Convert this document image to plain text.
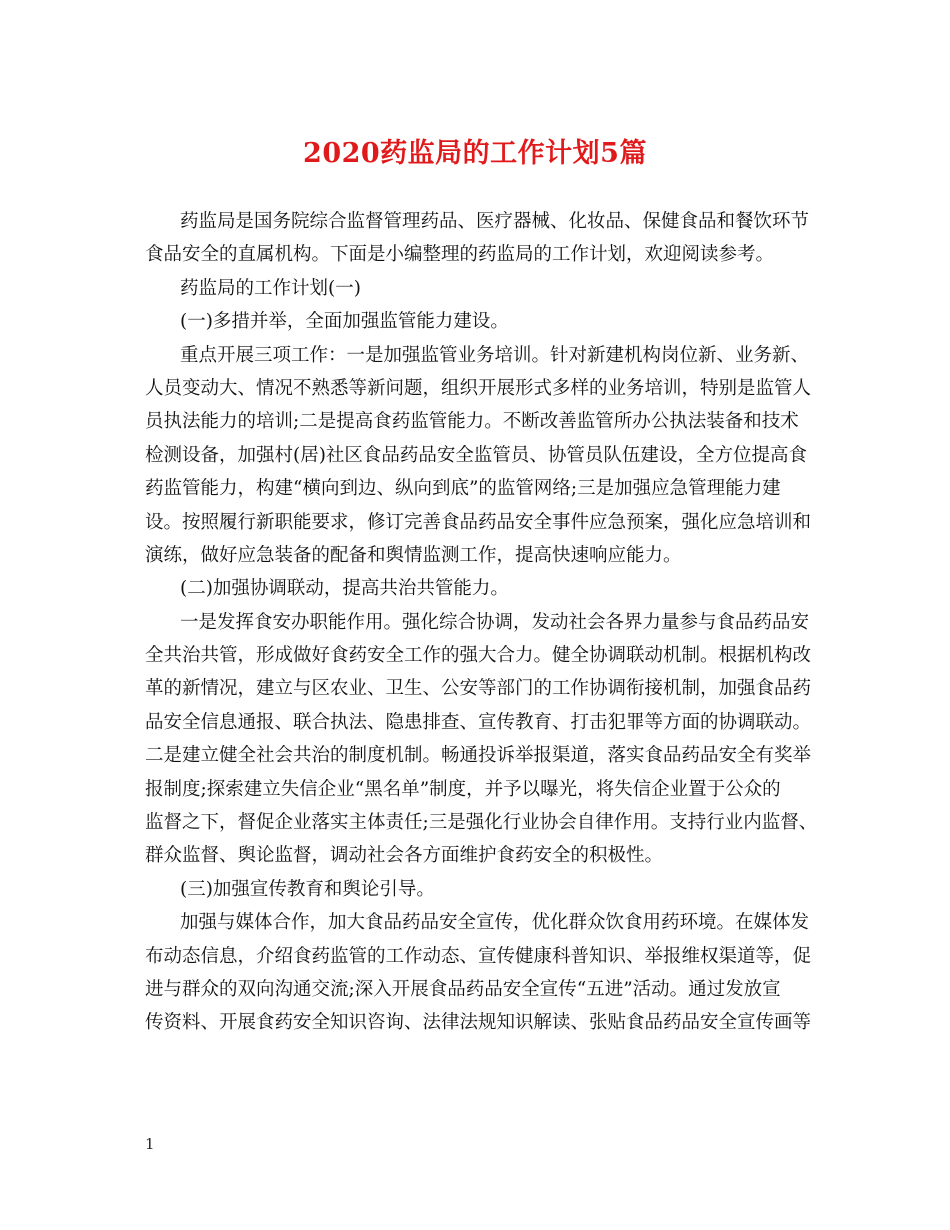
2020药监局的工作计划5篇
药监局是国务院综合监督管理药品、医疗器械、化妆品、保健食品和餐饮环节
食品安全的直属机构。下面是小编整理的药监局的工作计划，欢迎阅读参考。
药监局的工作计划(一)
(一)多措并举，全面加强监管能力建设。
重点开展三项工作：一是加强监管业务培训。针对新建机构岗位新、业务新、
人员变动大、情况不熟悉等新问题，组织开展形式多样的业务培训，特别是监管人
员执法能力的培训;二是提高食药监管能力。不断改善监管所办公执法装备和技术
检测设备，加强村(居)社区食品药品安全监管员、协管员队伍建设，全方位提高食
药监管能力，构建“横向到边、纵向到底”的监管网络;三是加强应急管理能力建
设。按照履行新职能要求，修订完善食品药品安全事件应急预案，强化应急培训和
演练，做好应急装备的配备和舆情监测工作，提高快速响应能力。
(二)加强协调联动，提高共治共管能力。
一是发挥食安办职能作用。强化综合协调，发动社会各界力量参与食品药品安
全共治共管，形成做好食药安全工作的强大合力。健全协调联动机制。根据机构改
革的新情况，建立与区农业、卫生、公安等部门的工作协调衔接机制，加强食品药
品安全信息通报、联合执法、隐患排查、宣传教育、打击犯罪等方面的协调联动。
二是建立健全社会共治的制度机制。畅通投诉举报渠道，落实食品药品安全有奖举
报制度;探索建立失信企业“黑名单”制度，并予以曝光，将失信企业置于公众的
监督之下，督促企业落实主体责任;三是强化行业协会自律作用。支持行业内监督、
群众监督、舆论监督，调动社会各方面维护食药安全的积极性。
(三)加强宣传教育和舆论引导。
加强与媒体合作，加大食品药品安全宣传，优化群众饮食用药环境。在媒体发
布动态信息，介绍食药监管的工作动态、宣传健康科普知识、举报维权渠道等，促
进与群众的双向沟通交流;深入开展食品药品安全宣传“五进”活动。通过发放宣
传资料、开展食药安全知识咨询、法律法规知识解读、张贴食品药品安全宣传画等
1
